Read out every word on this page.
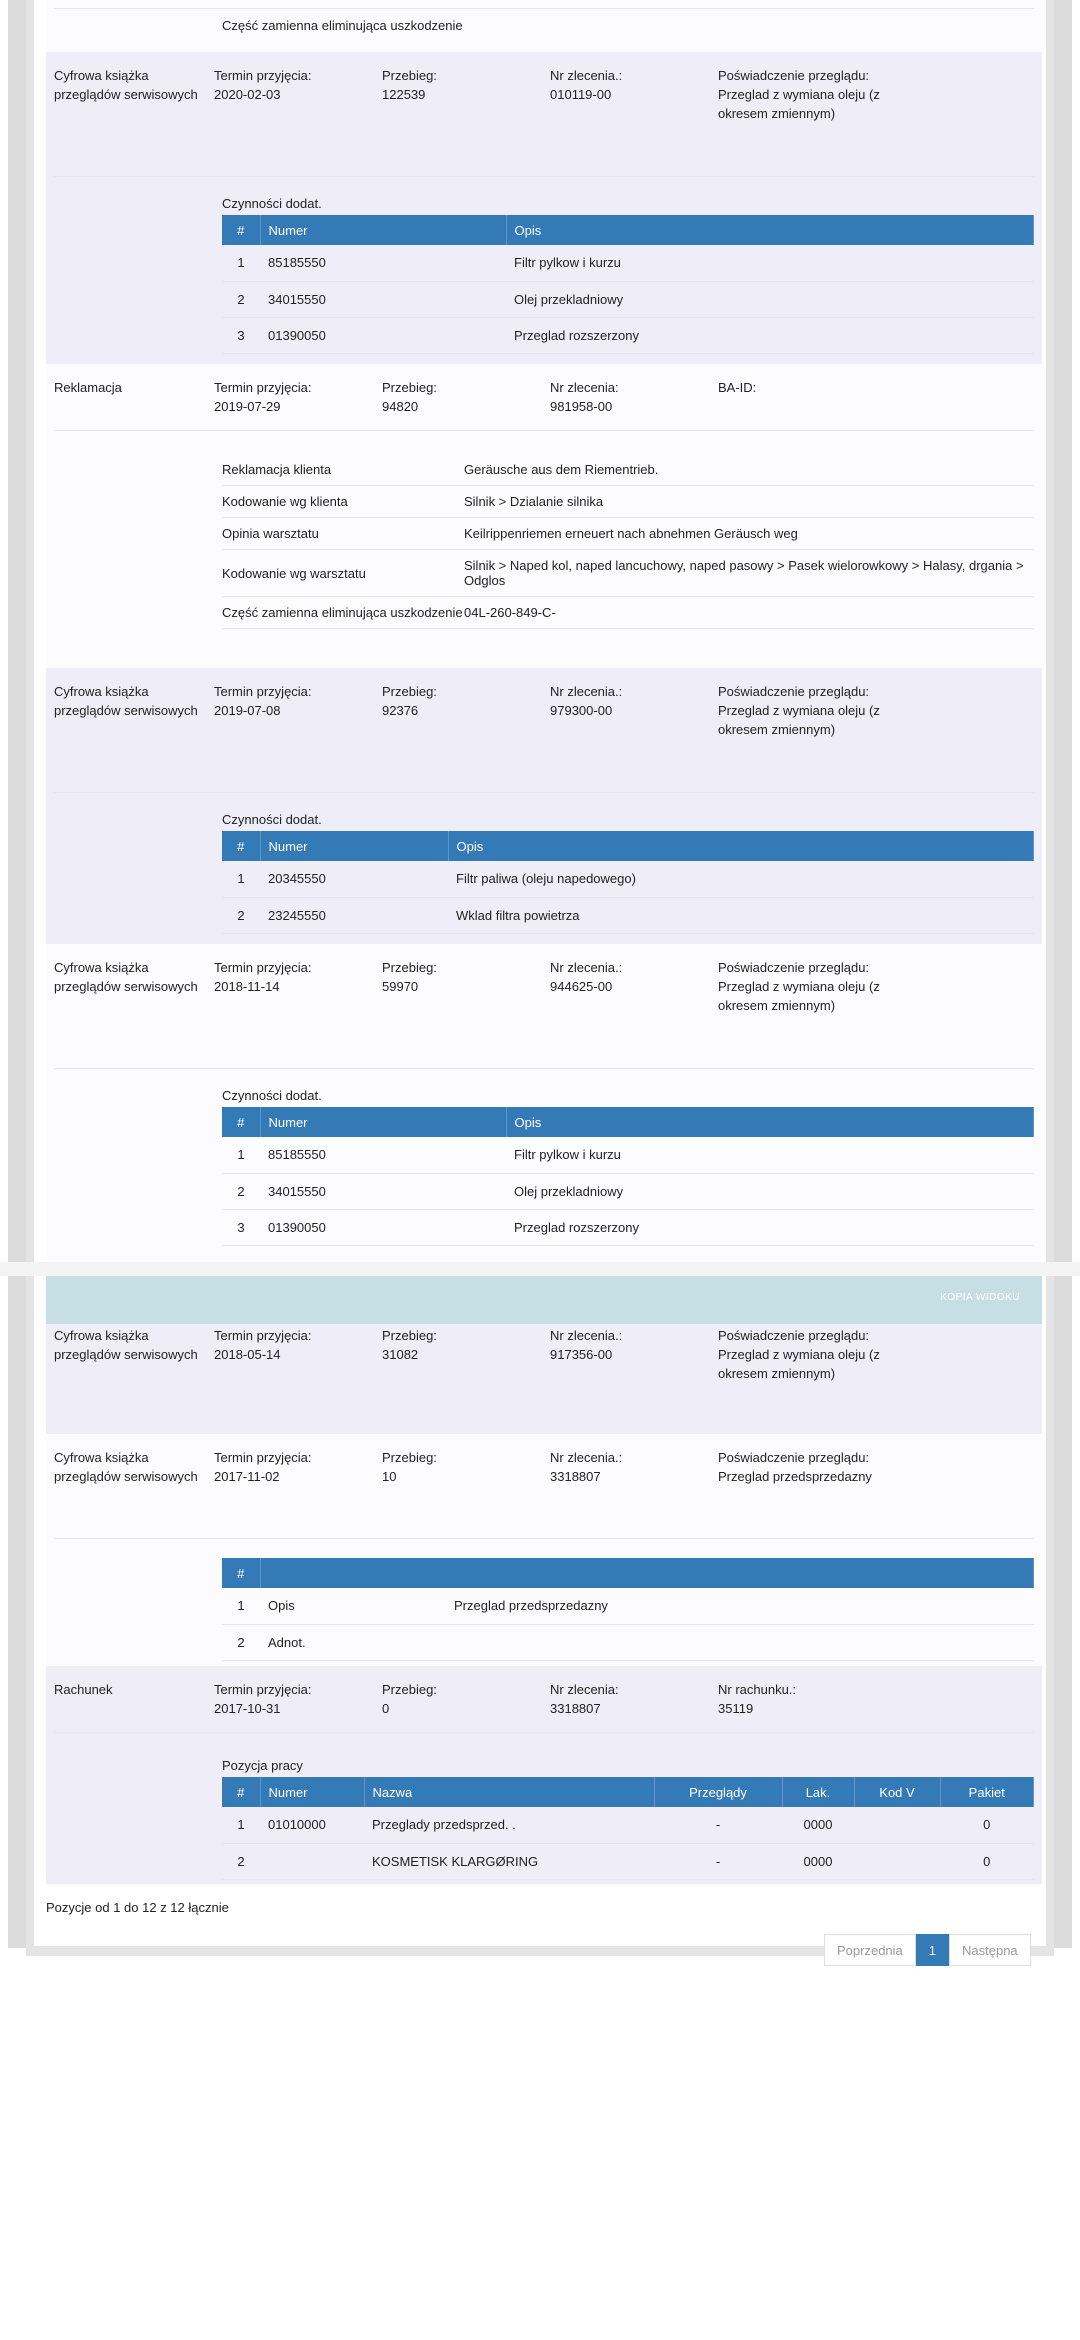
Część zamienna eliminująca uszkodzenie
Cyfrowa książka przeglądów serwisowych
Termin przyjęcia:
2020-02-03
Przebieg:
122539
Nr zlecenia.:
010119-00
Poświadczenie przeglądu:
Przeglad z wymiana oleju (z okresem zmiennym)
Czynności dodat.
#	Numer	Opis
1	85185550	Filtr pylkow i kurzu
2	34015550	Olej przekladniowy
3	01390050	Przeglad rozszerzony
Reklamacja	Termin przyjęcia:
2019-07-29
Przebieg:
94820
Nr zlecenia:
981958-00
BA-ID:
Reklamacja klienta	Geräusche aus dem Riementrieb.
Kodowanie wg klienta	Silnik > Dzialanie silnika
Opinia warsztatu	Keilrippenriemen erneuert nach abnehmen Geräusch weg
Kodowanie wg warsztatu	Silnik > Naped kol, naped lancuchowy, naped pasowy > Pasek wielorowkowy > Halasy, drgania > Odglos
Część zamienna eliminująca uszkodzenie	04L-260-849-C-
Cyfrowa książka przeglądów serwisowych
Termin przyjęcia:
2019-07-08
Przebieg:
92376
Nr zlecenia.:
979300-00
Poświadczenie przeglądu:
Przeglad z wymiana oleju (z okresem zmiennym)
Czynności dodat.
#	Numer	Opis
1	20345550	Filtr paliwa (oleju napedowego)
2	23245550	Wklad filtra powietrza
Cyfrowa książka przeglądów serwisowych
Termin przyjęcia:
2018-11-14
Przebieg:
59970
Nr zlecenia.:
944625-00
Poświadczenie przeglądu:
Przeglad z wymiana oleju (z okresem zmiennym)
Czynności dodat.
#	Numer	Opis
1	85185550	Filtr pylkow i kurzu
2	34015550	Olej przekladniowy
3	01390050	Przeglad rozszerzony
KOPIA WIDOKU
Cyfrowa książka przeglądów serwisowych
Termin przyjęcia:
2018-05-14
Przebieg:
31082
Nr zlecenia.:
917356-00
Poświadczenie przeglądu:
Przeglad z wymiana oleju (z okresem zmiennym)
Cyfrowa książka przeglądów serwisowych
Termin przyjęcia:
2017-11-02
Przebieg:
10
Nr zlecenia.:
3318807
Poświadczenie przeglądu:
Przeglad przedsprzedazny
#	
1	Opis Przeglad przedsprzedazny
2	Adnot.
Rachunek	Termin przyjęcia:
2017-10-31
Przebieg:
0
Nr zlecenia:
3318807
Nr rachunku.:
35119
Pozycja pracy
#	Numer	Nazwa	Przeglądy	Lak.	Kod V	Pakiet
1	01010000	Przeglady przedsprzed. .	-	0000		0
2		KOSMETISK KLARGØRING	-	0000		0
Pozycje od 1 do 12 z 12 łącznie
Poprzednia	1	Następna
